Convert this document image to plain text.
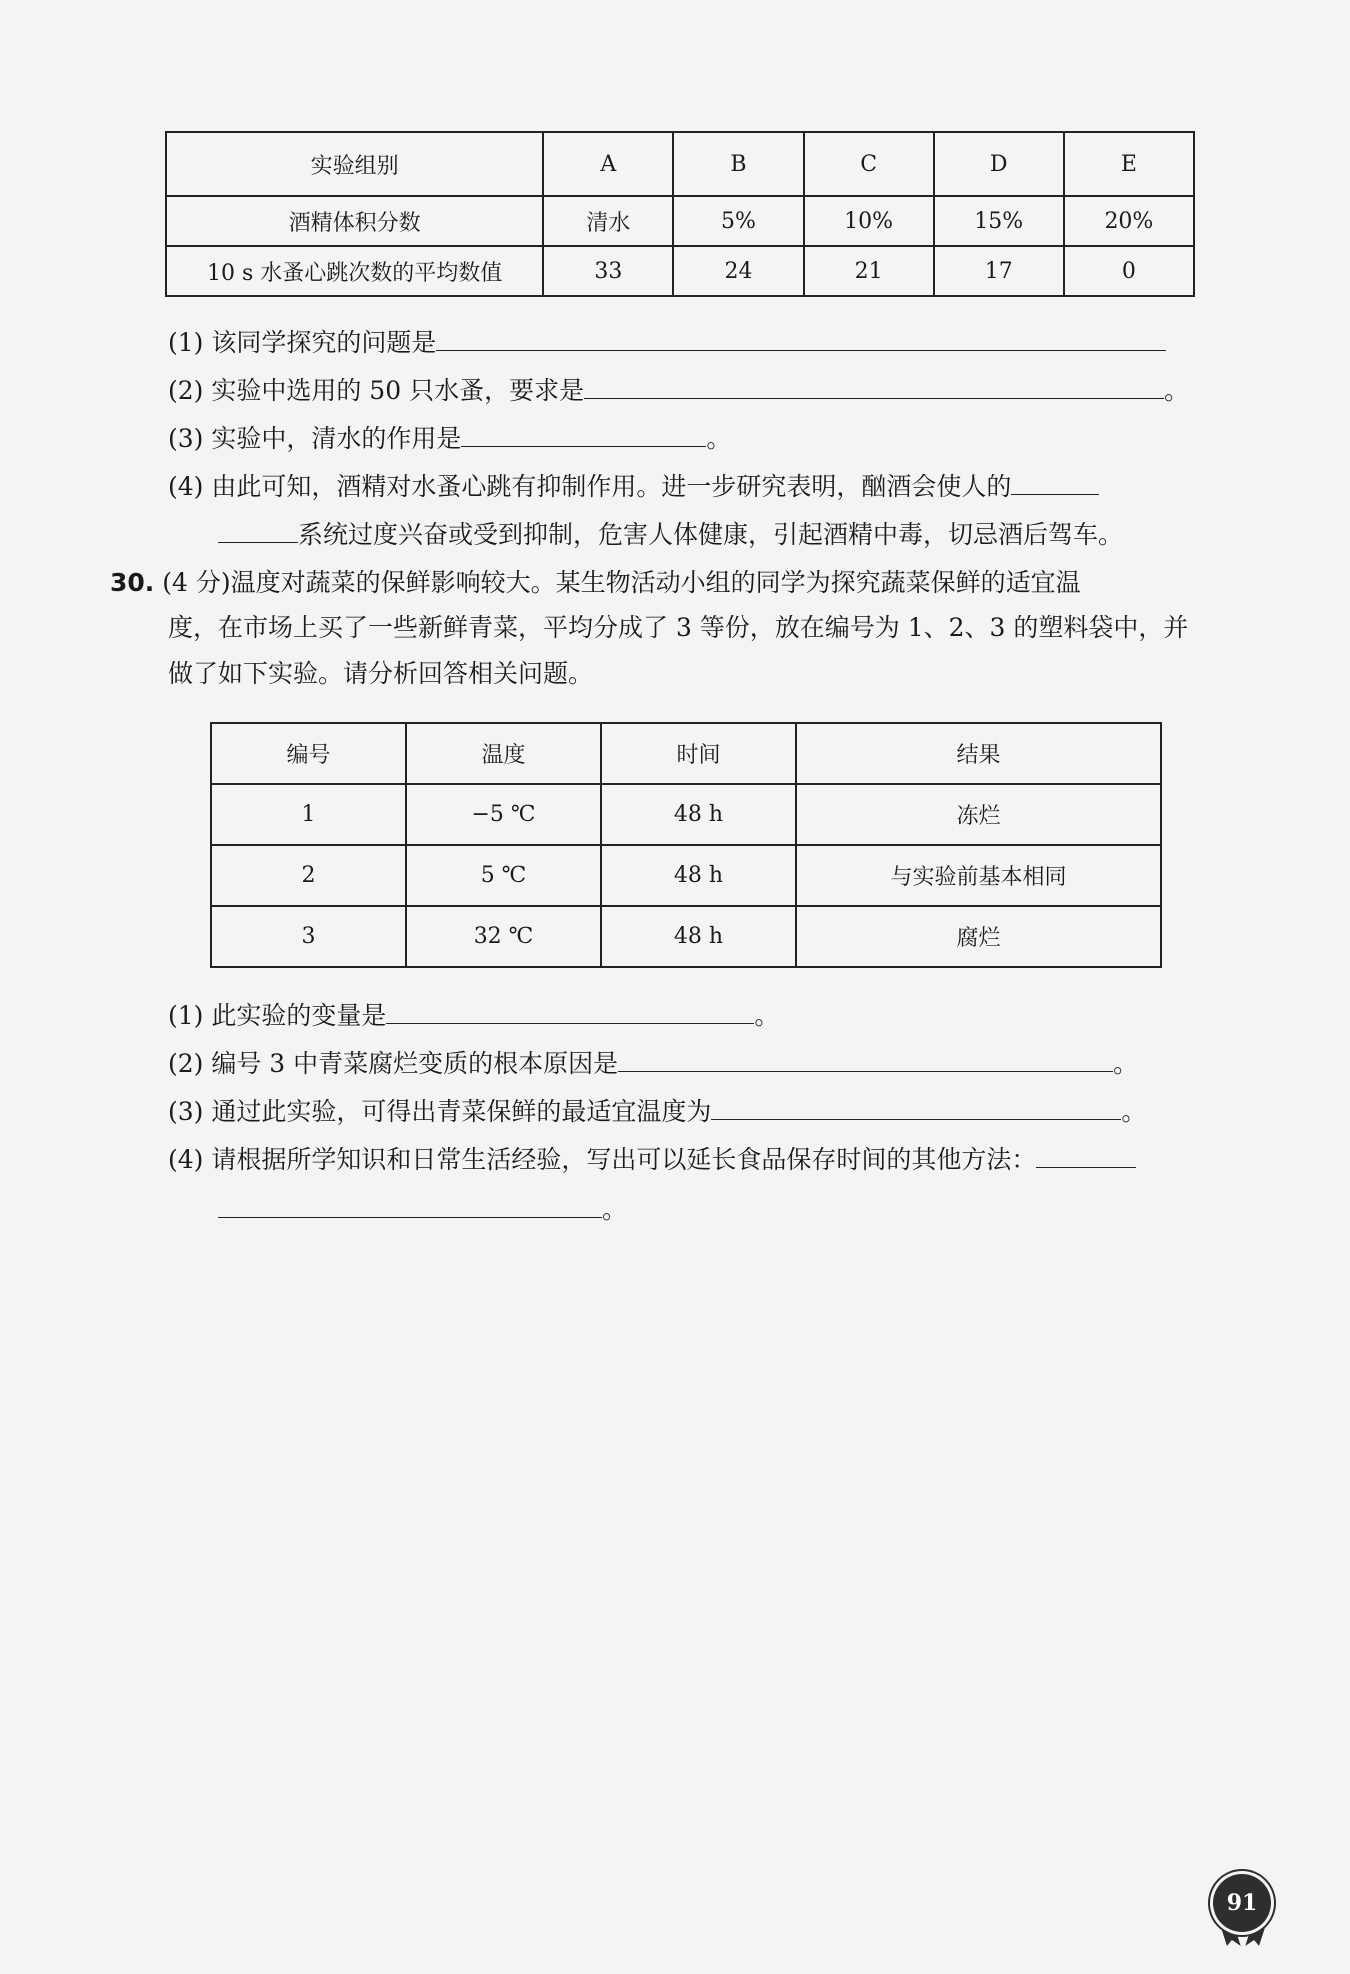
实验组别	A	B	C	D	E
酒精体积分数	清水	5%	10%	15%	20%
10 s 水蚤心跳次数的平均数值	33	24	21	17	0
(1) 该同学探究的问题是
(2) 实验中选用的 50 只水蚤，要求是	。
(3) 实验中，清水的作用是	。
(4) 由此可知，酒精对水蚤心跳有抑制作用。进一步研究表明，酗酒会使人的
系统过度兴奋或受到抑制，危害人体健康，引起酒精中毒，切忌酒后驾车。
30. (4 分)温度对蔬菜的保鲜影响较大。某生物活动小组的同学为探究蔬菜保鲜的适宜温
度，在市场上买了一些新鲜青菜，平均分成了 3 等份，放在编号为 1、2、3 的塑料袋中，并
做了如下实验。请分析回答相关问题。
编号	温度	时间	结果
1	−5 ℃	48 h	冻烂
2	5 ℃	48 h	与实验前基本相同
3	32 ℃	48 h	腐烂
(1) 此实验的变量是	。
(2) 编号 3 中青菜腐烂变质的根本原因是	。
(3) 通过此实验，可得出青菜保鲜的最适宜温度为	。
(4) 请根据所学知识和日常生活经验，写出可以延长食品保存时间的其他方法：
。
91
